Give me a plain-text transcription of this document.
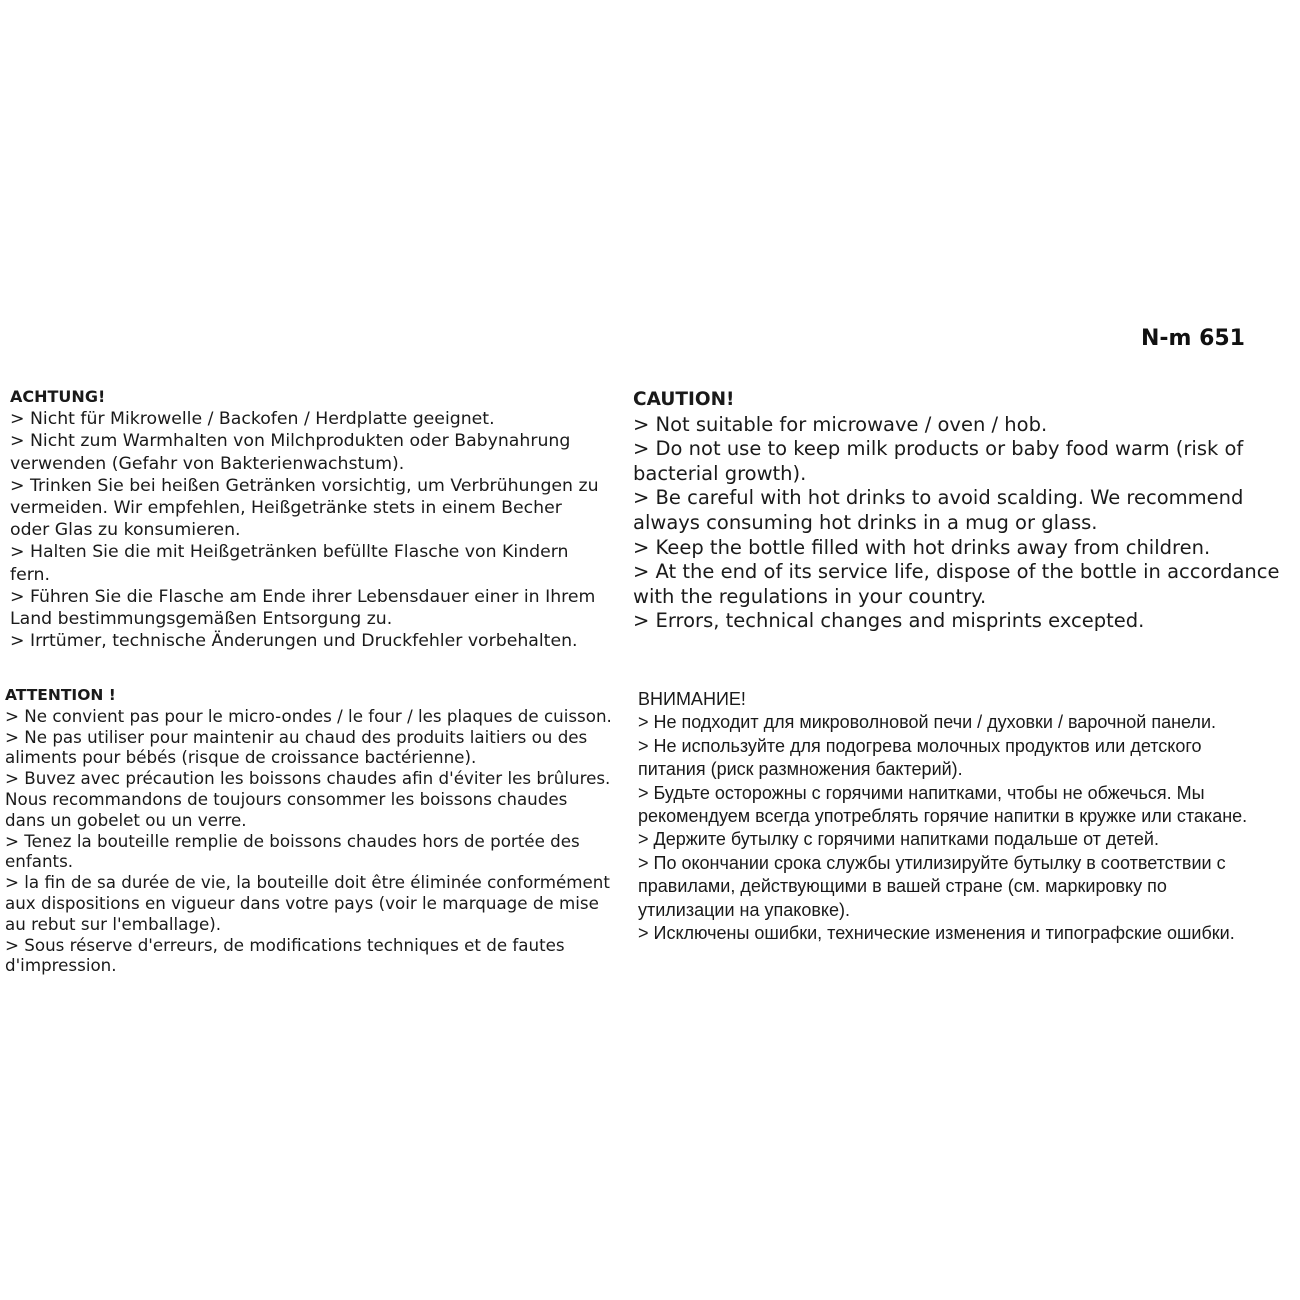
N-m 651
ACHTUNG!
> Nicht für Mikrowelle / Backofen / Herdplatte geeignet.
> Nicht zum Warmhalten von Milchprodukten oder Babynahrung
verwenden (Gefahr von Bakterienwachstum).
> Trinken Sie bei heißen Getränken vorsichtig, um Verbrühungen zu
vermeiden. Wir empfehlen, Heißgetränke stets in einem Becher
oder Glas zu konsumieren.
> Halten Sie die mit Heißgetränken befüllte Flasche von Kindern
fern.
> Führen Sie die Flasche am Ende ihrer Lebensdauer einer in Ihrem
Land bestimmungsgemäßen Entsorgung zu.
> Irrtümer, technische Änderungen und Druckfehler vorbehalten.
CAUTION!
> Not suitable for microwave / oven / hob.
> Do not use to keep milk products or baby food warm (risk of
bacterial growth).
> Be careful with hot drinks to avoid scalding. We recommend
always consuming hot drinks in a mug or glass.
> Keep the bottle filled with hot drinks away from children.
> At the end of its service life, dispose of the bottle in accordance
with the regulations in your country.
> Errors, technical changes and misprints excepted.
ATTENTION !
> Ne convient pas pour le micro-ondes / le four / les plaques de cuisson.
> Ne pas utiliser pour maintenir au chaud des produits laitiers ou des
aliments pour bébés (risque de croissance bactérienne).
> Buvez avec précaution les boissons chaudes afin d'éviter les brûlures.
Nous recommandons de toujours consommer les boissons chaudes
dans un gobelet ou un verre.
> Tenez la bouteille remplie de boissons chaudes hors de portée des
enfants.
> la fin de sa durée de vie, la bouteille doit être éliminée conformément
aux dispositions en vigueur dans votre pays (voir le marquage de mise
au rebut sur l'emballage).
> Sous réserve d'erreurs, de modifications techniques et de fautes
d'impression.
ВНИМАНИЕ!
> Не подходит для микроволновой печи / духовки / варочной панели.
> Не используйте для подогрева молочных продуктов или детского
питания (риск размножения бактерий).
> Будьте осторожны с горячими напитками, чтобы не обжечься. Мы
рекомендуем всегда употреблять горячие напитки в кружке или стакане.
> Держите бутылку с горячими напитками подальше от детей.
> По окончании срока службы утилизируйте бутылку в соответствии с
правилами, действующими в вашей стране (см. маркировку по
утилизации на упаковке).
> Исключены ошибки, технические изменения и типографские ошибки.
